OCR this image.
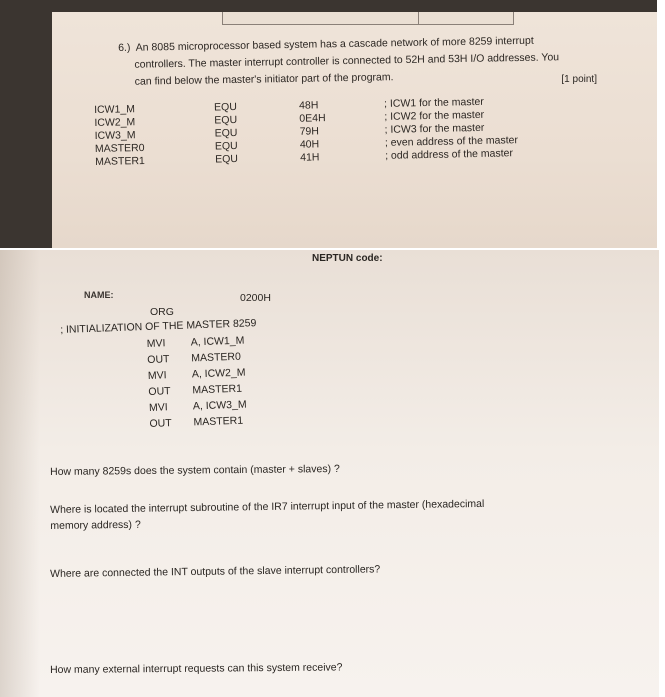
6.) An 8085 microprocessor based system has a cascade network of more 8259 interrupt
controllers. The master interrupt controller is connected to 52H and 53H I/O addresses. You
can find below the master's initiator part of the program.	[1 point]
ICW1_M	EQU	48H	; ICW1 for the master
ICW2_M	EQU	0E4H	; ICW2 for the master
ICW3_M	EQU	79H	; ICW3 for the master
MASTER0	EQU	40H	; even address of the master
MASTER1	EQU	41H	; odd address of the master
NEPTUN code:
NAME:
ORG
0200H
; INITIALIZATION OF THE MASTER 8259
MVI A, ICW1_M
OUT MASTER0
MVI A, ICW2_M
OUT MASTER1
MVI A, ICW3_M
OUT MASTER1
How many 8259s does the system contain (master + slaves) ?
Where is located the interrupt subroutine of the IR7 interrupt input of the master (hexadecimal
memory address) ?
Where are connected the INT outputs of the slave interrupt controllers?
How many external interrupt requests can this system receive?
